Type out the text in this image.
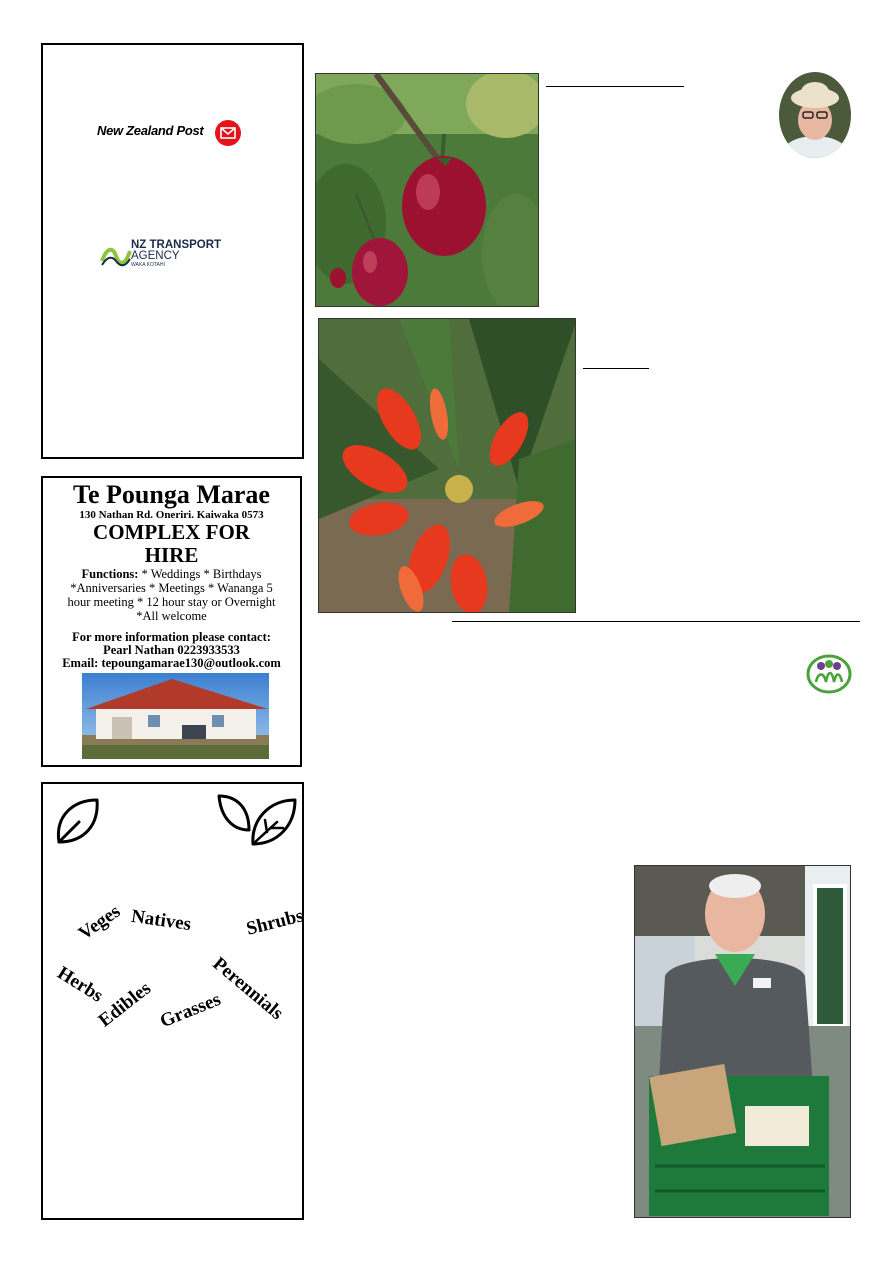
New Zealand Post
NZ TRANSPORT
AGENCY
WAKA KOTAHI
Te Pounga Marae
130 Nathan Rd. Oneriri. Kaiwaka 0573
COMPLEX FOR
HIRE
Functions: * Weddings * Birthdays
*Anniversaries * Meetings * Wananga 5
hour meeting * 12 hour stay or Overnight
*All welcome
For more information please contact:
Pearl Nathan 0223933533
Email: tepoungamarae130@outlook.com
Veges Natives	Shrubs
Herbs
Edibles Grasses
Perennials
